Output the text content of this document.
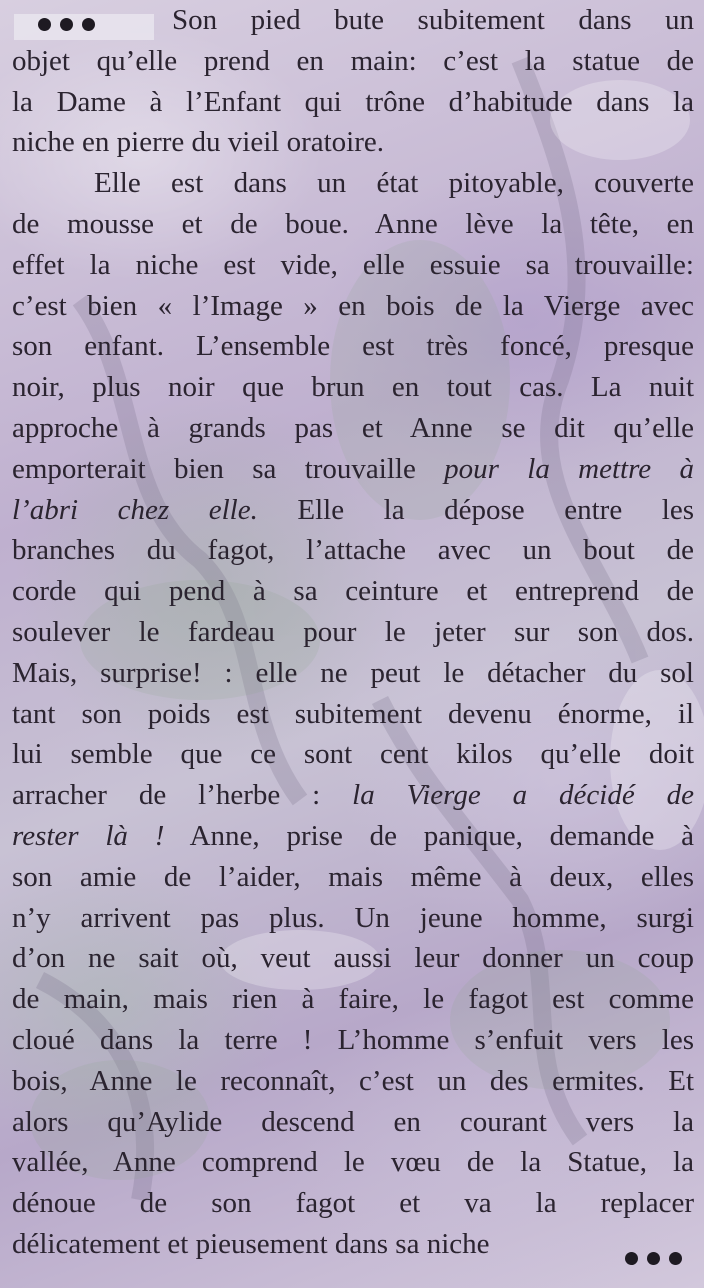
Son pied bute subitement dans un
objet qu’elle prend en main: c’est la statue de
la Dame à l’Enfant qui trône d’habitude dans la
niche en pierre du vieil oratoire.
Elle est dans un état pitoyable, couverte
de mousse et de boue. Anne lève la tête, en
effet la niche est vide, elle essuie sa trouvaille:
c’est bien « l’Image » en bois de la Vierge avec
son enfant. L’ensemble est très foncé, presque
noir, plus noir que brun en tout cas. La nuit
approche à grands pas et Anne se dit qu’elle
emporterait bien sa trouvaille pour la mettre à
l’abri chez elle. Elle la dépose entre les
branches du fagot, l’attache avec un bout de
corde qui pend à sa ceinture et entreprend de
soulever le fardeau pour le jeter sur son dos.
Mais, surprise! : elle ne peut le détacher du sol
tant son poids est subitement devenu énorme, il
lui semble que ce sont cent kilos qu’elle doit
arracher de l’herbe : la Vierge a décidé de
rester là ! Anne, prise de panique, demande à
son amie de l’aider, mais même à deux, elles
n’y arrivent pas plus. Un jeune homme, surgi
d’on ne sait où, veut aussi leur donner un coup
de main, mais rien à faire, le fagot est comme
cloué dans la terre ! L’homme s’enfuit vers les
bois, Anne le reconnaît, c’est un des ermites. Et
alors qu’Aylide descend en courant vers la
vallée, Anne comprend le vœu de la Statue, la
dénoue de son fagot et va la replacer
délicatement et pieusement dans sa niche
